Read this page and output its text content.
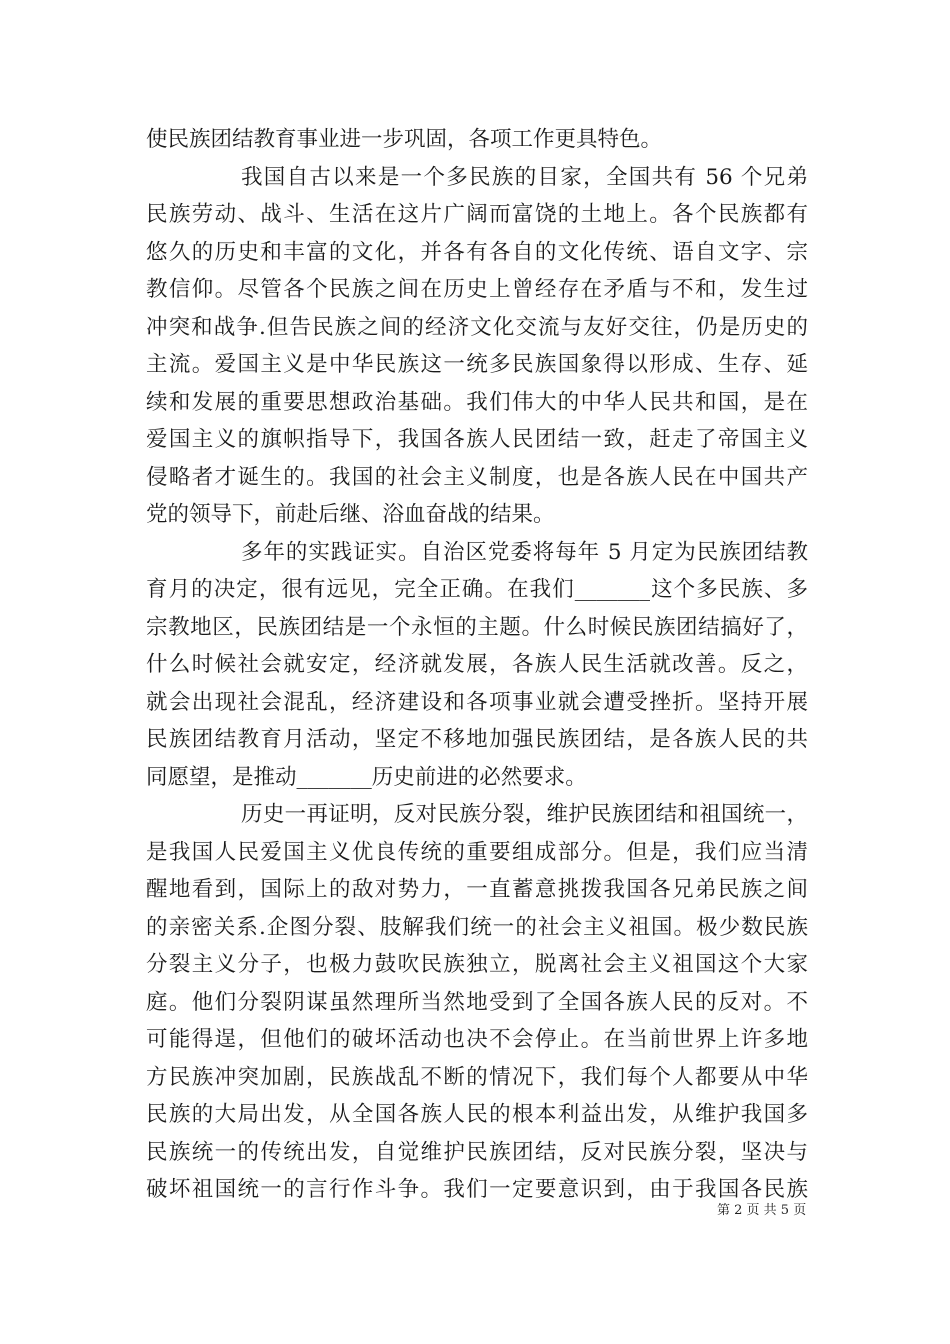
使民族团结教育事业进一步巩固，各项工作更具特色。
我国自古以来是一个多民族的目家，全国共有 56 个兄弟
民族劳动、战斗、生活在这片广阔而富饶的土地上。各个民族都有
悠久的历史和丰富的文化，并各有各自的文化传统、语自文字、宗
教信仰。尽管各个民族之间在历史上曾经存在矛盾与不和，发生过
冲突和战争.但告民族之间的经济文化交流与友好交往，仍是历史的
主流。爱国主义是中华民族这一统多民族国象得以形成、生存、延
续和发展的重要思想政治基础。我们伟大的中华人民共和国，是在
爱国主义的旗帜指导下，我国各族人民团结一致，赶走了帝国主义
侵略者才诞生的。我国的社会主义制度，也是各族人民在中国共产
党的领导下，前赴后继、浴血奋战的结果。
多年的实践证实。自治区党委将每年 5 月定为民族团结教
育月的决定，很有远见，完全正确。在我们_______这个多民族、多
宗教地区，民族团结是一个永恒的主题。什么时候民族团结搞好了，
什么时候社会就安定，经济就发展，各族人民生活就改善。反之，
就会出现社会混乱，经济建设和各项事业就会遭受挫折。坚持开展
民族团结教育月活动，坚定不移地加强民族团结，是各族人民的共
同愿望，是推动_______历史前进的必然要求。
历史一再证明，反对民族分裂，维护民族团结和祖国统一，
是我国人民爱国主义优良传统的重要组成部分。但是，我们应当清
醒地看到，国际上的敌对势力，一直蓄意挑拨我国各兄弟民族之间
的亲密关系.企图分裂、肢解我们统一的社会主义祖国。极少数民族
分裂主义分子，也极力鼓吹民族独立，脱离社会主义祖国这个大家
庭。他们分裂阴谋虽然理所当然地受到了全国各族人民的反对。不
可能得逞，但他们的破坏活动也决不会停止。在当前世界上许多地
方民族冲突加剧，民族战乱不断的情况下，我们每个人都要从中华
民族的大局出发，从全国各族人民的根本利益出发，从维护我国多
民族统一的传统出发，自觉维护民族团结，反对民族分裂，坚决与
破坏祖国统一的言行作斗争。我们一定要意识到，由于我国各民族
第 2 页 共 5 页
